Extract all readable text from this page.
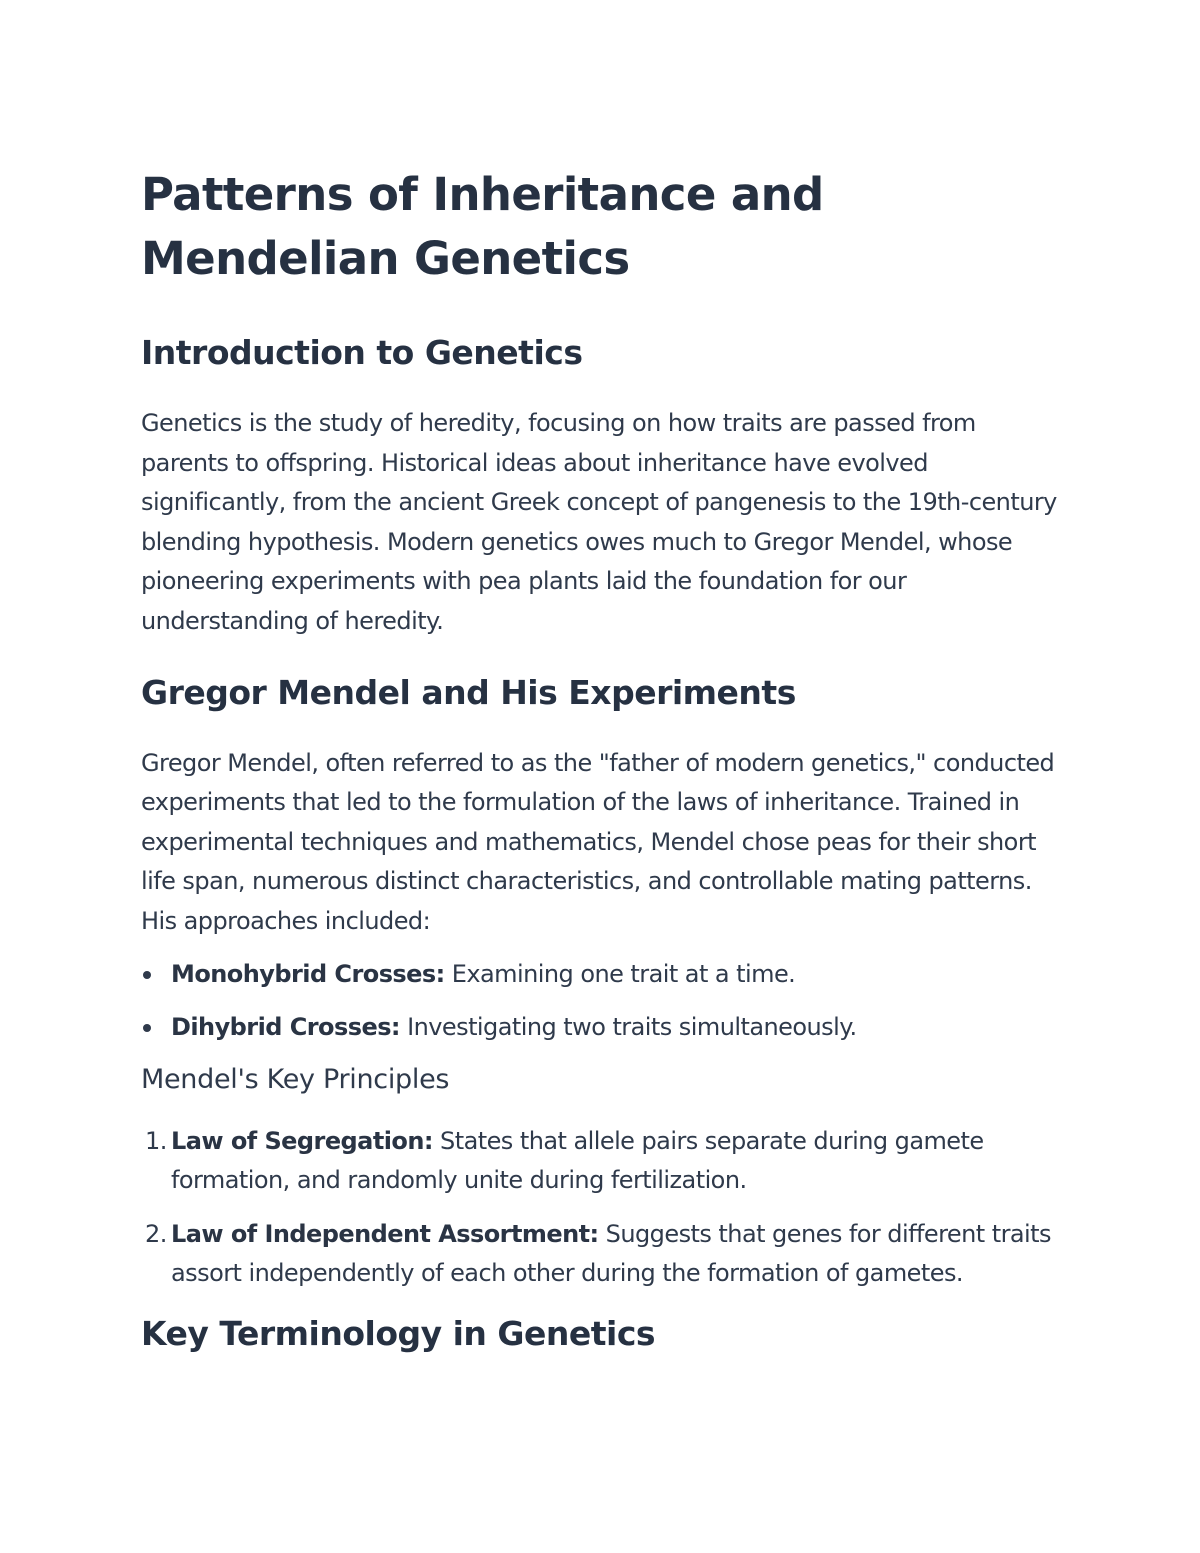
Patterns of Inheritance and Mendelian Genetics
Introduction to Genetics

Genetics is the study of heredity, focusing on how traits are passed from parents to offspring. Historical ideas about inheritance have evolved significantly, from the ancient Greek concept of pangenesis to the 19th-century blending hypothesis. Modern genetics owes much to Gregor Mendel, whose pioneering experiments with pea plants laid the foundation for our understanding of heredity.

Gregor Mendel and His Experiments

Gregor Mendel, often referred to as the "father of modern genetics," conducted experiments that led to the formulation of the laws of inheritance. Trained in experimental techniques and mathematics, Mendel chose peas for their short life span, numerous distinct characteristics, and controllable mating patterns. His approaches included:

Monohybrid Crosses: Examining one trait at a time.
Dihybrid Crosses: Investigating two traits simultaneously.
Mendel's Key Principles
1. Law of Segregation: States that allele pairs separate during gamete formation, and randomly unite during fertilization.
2. Law of Independent Assortment: Suggests that genes for different traits assort independently of each other during the formation of gametes.
Key Terminology in Genetics
